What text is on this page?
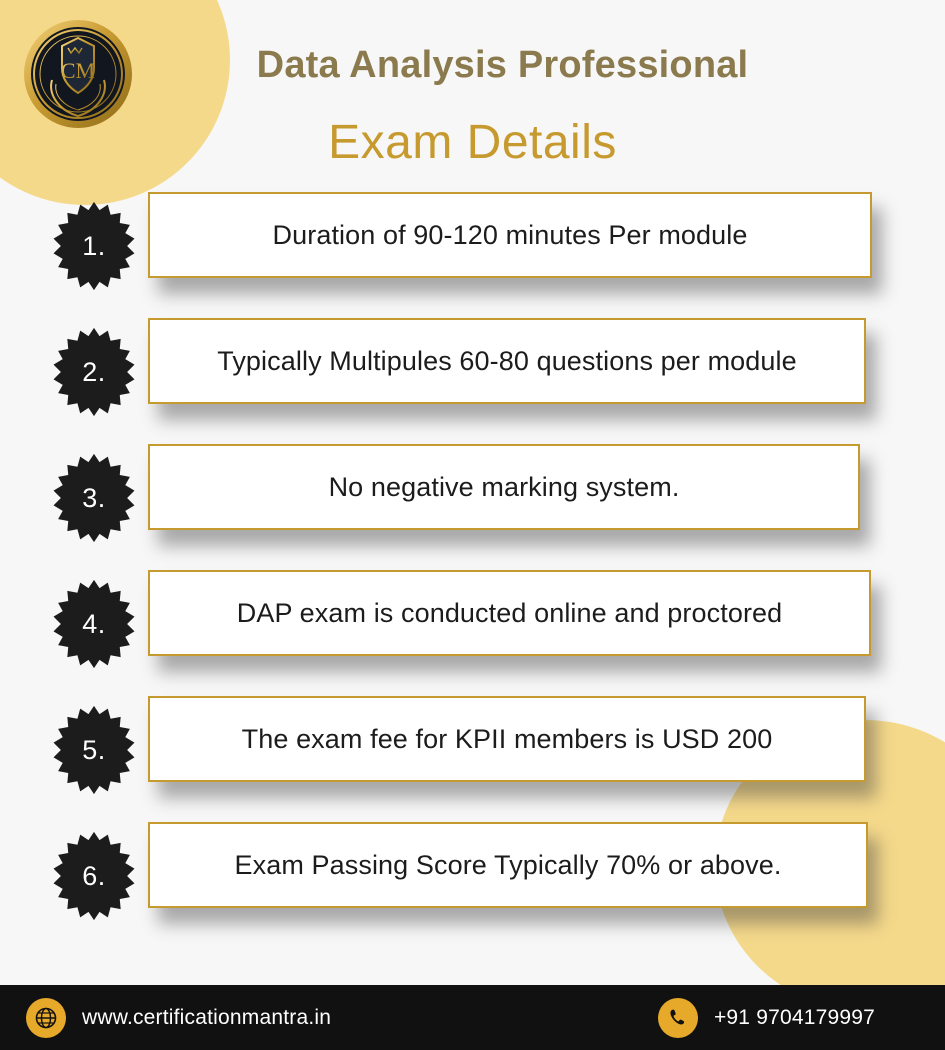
CM	Data Analysis Professional
Exam Details
1.	Duration of 90-120 minutes Per module
2.	Typically Multipules 60-80 questions per module
3.	No negative marking system.
4.	DAP exam is conducted online and proctored
5.	The exam fee for KPII members is USD 200
6.	Exam Passing Score Typically 70% or above.
www.certificationmantra.in	+91 9704179997
